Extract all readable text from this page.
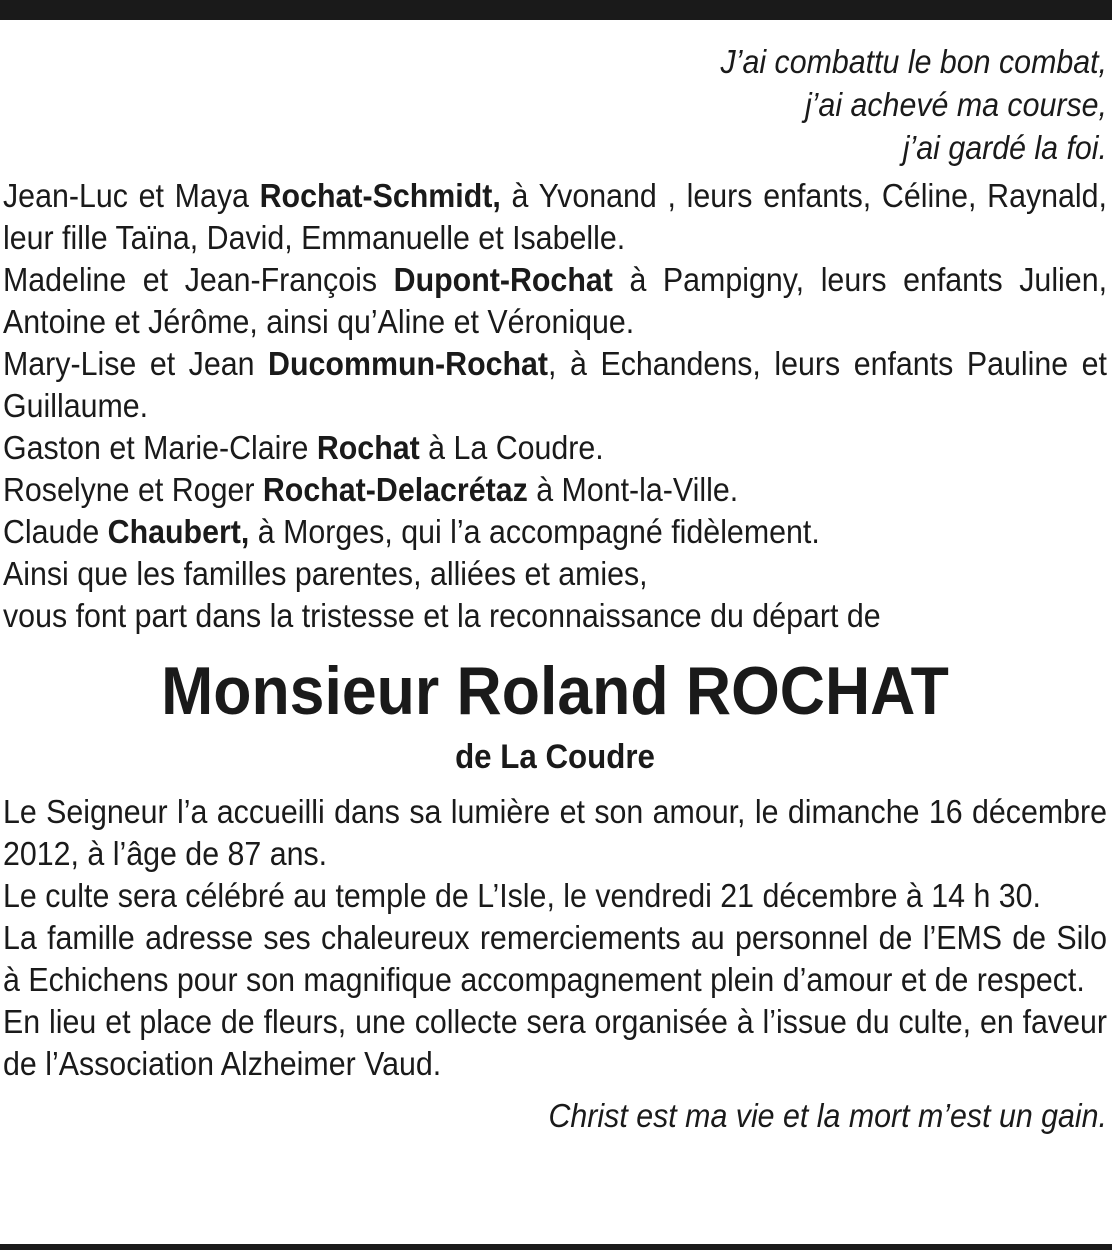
J’ai combattu le bon combat,
j’ai achevé ma course,
j’ai gardé la foi.
Jean-Luc et Maya Rochat-Schmidt, à Yvonand , leurs enfants, Céline, Raynald, leur fille Taïna, David, Emmanuelle et Isabelle.
Madeline et Jean-François Dupont-Rochat à Pampigny, leurs enfants Julien, Antoine et Jérôme, ainsi qu’Aline et Véronique.
Mary-Lise et Jean Ducommun-Rochat, à Echandens, leurs enfants Pauline et Guillaume.
Gaston et Marie-Claire Rochat à La Coudre.
Roselyne et Roger Rochat-Delacrétaz à Mont-la-Ville.
Claude Chaubert, à Morges, qui l’a accompagné fidèlement.
Ainsi que les familles parentes, alliées et amies,
vous font part dans la tristesse et la reconnaissance du départ de
Monsieur Roland ROCHAT
de La Coudre
Le Seigneur l’a accueilli dans sa lumière et son amour, le dimanche 16 décembre 2012, à l’âge de 87 ans.
Le culte sera célébré au temple de L’Isle, le vendredi 21 décembre à 14 h 30.
La famille adresse ses chaleureux remerciements au personnel de l’EMS de Silo à Echichens pour son magnifique accompagnement plein d’amour et de respect.
En lieu et place de fleurs, une collecte sera organisée à l’issue du culte, en faveur de l’Association Alzheimer Vaud.
Christ est ma vie et la mort m’est un gain.
